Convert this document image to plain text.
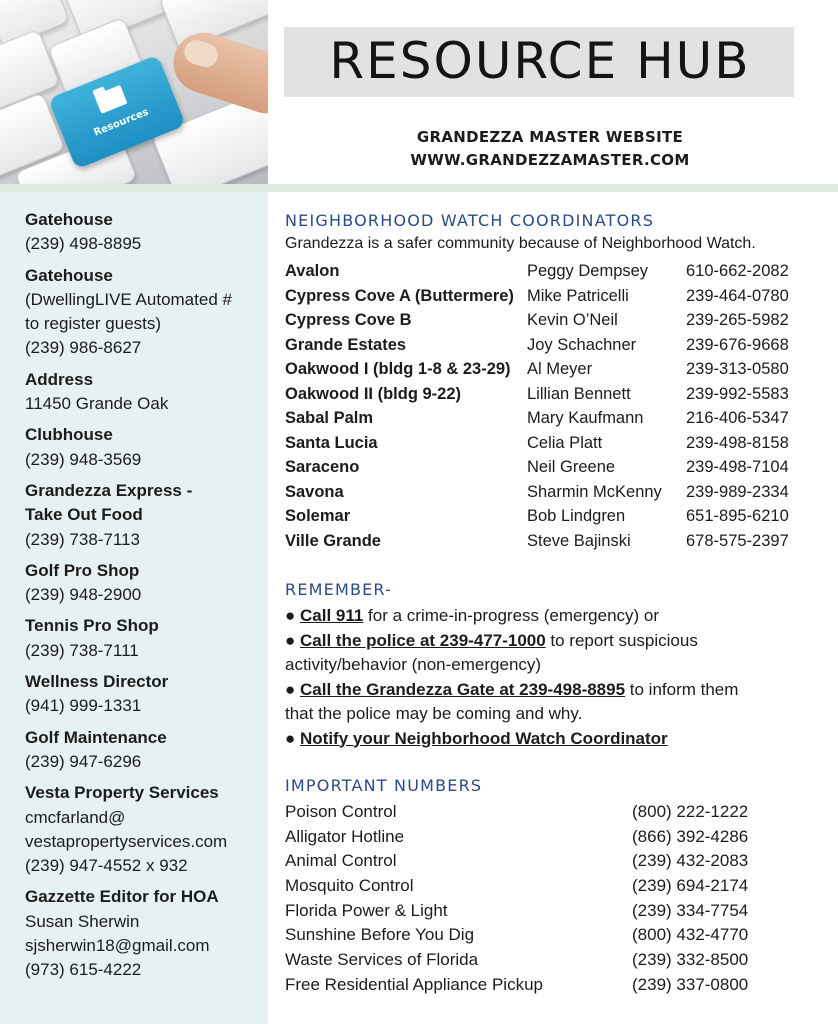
Resources
RESOURCE HUB
GRANDEZZA MASTER WEBSITE
WWW.GRANDEZZAMASTER.COM
Gatehouse
(239) 498-8895
Gatehouse
(DwellingLIVE Automated #
to register guests)
(239) 986-8627
Address
11450 Grande Oak
Clubhouse
(239) 948-3569
Grandezza Express -
Take Out Food
(239) 738-7113
Golf Pro Shop
(239) 948-2900
Tennis Pro Shop
(239) 738-7111
Wellness Director
(941) 999-1331
Golf Maintenance
(239) 947-6296
Vesta Property Services
cmcfarland@
vestapropertyservices.com
(239) 947-4552 x 932
Gazzette Editor for HOA
Susan Sherwin
sjsherwin18@gmail.com
(973) 615-4222
NEIGHBORHOOD WATCH COORDINATORS
Grandezza is a safer community because of Neighborhood Watch.
Avalon	Peggy Dempsey 610-662-2082
Cypress Cove A (Buttermere) Mike Patricelli	239-464-0780
Cypress Cove B	Kevin O’Neil	239-265-5982
Grande Estates	Joy Schachner	239-676-9668
Oakwood I (bldg 1-8 & 23-29) Al Meyer	239-313-0580
Oakwood II (bldg 9-22)	Lillian Bennett	239-992-5583
Sabal Palm	Mary Kaufmann	216-406-5347
Santa Lucia	Celia Platt	239-498-8158
Saraceno	Neil Greene	239-498-7104
Savona	Sharmin McKenny 239-989-2334
Solemar	Bob Lindgren	651-895-6210
Ville Grande	Steve Bajinski	678-575-2397
REMEMBER-
● Call 911 for a crime-in-progress (emergency) or
● Call the police at 239-477-1000 to report suspicious
activity/behavior (non-emergency)
● Call the Grandezza Gate at 239-498-8895 to inform them
that the police may be coming and why.
● Notify your Neighborhood Watch Coordinator
IMPORTANT NUMBERS
Poison Control	(800) 222-1222
Alligator Hotline	(866) 392-4286
Animal Control	(239) 432-2083
Mosquito Control	(239) 694-2174
Florida Power & Light	(239) 334-7754
Sunshine Before You Dig	(800) 432-4770
Waste Services of Florida	(239) 332-8500
Free Residential Appliance Pickup	(239) 337-0800
